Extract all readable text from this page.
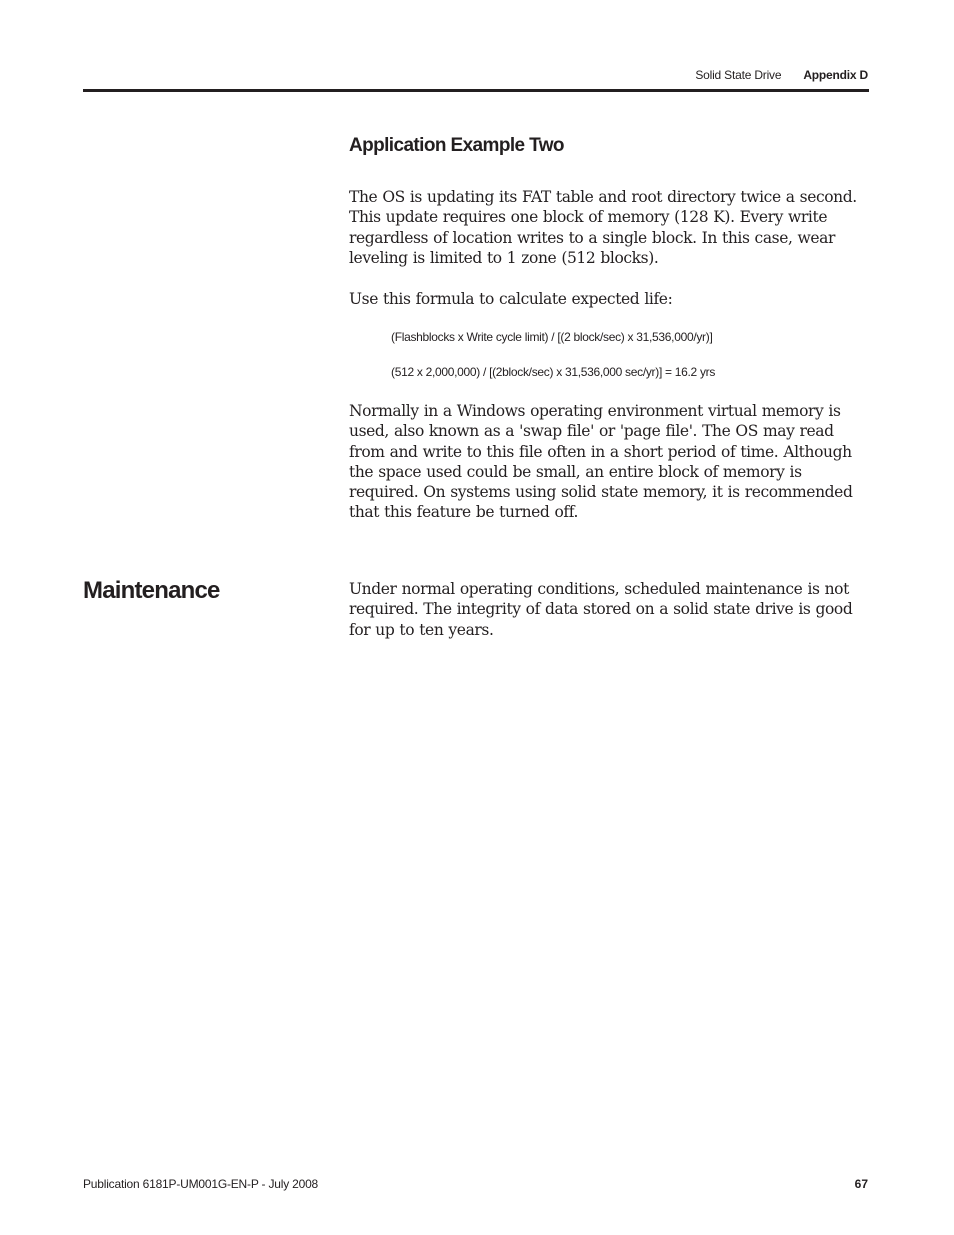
Solid State Drive Appendix D
Application Example Two

The OS is updating its FAT table and root directory twice a second. This update requires one block of memory (128 K). Every write regardless of location writes to a single block. In this case, wear leveling is limited to 1 zone (512 blocks).

Use this formula to calculate expected life:

(Flashblocks x Write cycle limit) / [(2 block/sec) x 31,536,000/yr)]

(512 x 2,000,000) / [(2block/sec) x 31,536,000 sec/yr)] = 16.2 yrs

Normally in a Windows operating environment virtual memory is used, also known as a 'swap file' or 'page file'. The OS may read from and write to this file often in a short period of time. Although the space used could be small, an entire block of memory is required. On systems using solid state memory, it is recommended that this feature be turned off.

Maintenance	Under normal operating conditions, scheduled maintenance is not required. The integrity of data stored on a solid state drive is good for up to ten years.

Publication 6181P-UM001G-EN-P - July 2008	67
